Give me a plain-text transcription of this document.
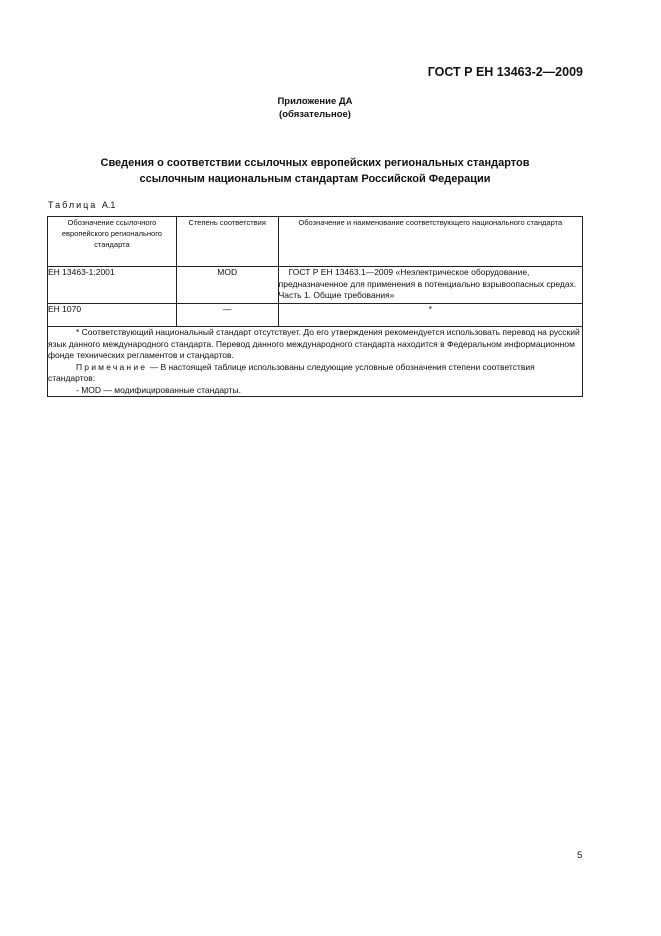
ГОСТ Р ЕН 13463-2—2009
Приложение ДА
(обязательное)
Сведения о соответствии ссылочных европейских региональных стандартов
ссылочным национальным стандартам Российской Федерации
Таблица А.1
Обозначение ссылочного европейского регионального стандарта	Степень соответствия	Обозначение и наименование соответствующего национального стандарта
ЕН 13463-1:2001	MOD	ГОСТ Р ЕН 13463.1—2009 «Неэлектрическое оборудование, предназначенное для применения в потенциально взрывоопасных средах. Часть 1. Общие требования»
ЕН 1070	—	*

* Соответствующий национальный стандарт отсутствует. До его утверждения рекомендуется использовать перевод на русский язык данного международного стандарта. Перевод данного международного стандарта находится в Федеральном информационном фонде технических регламентов и стандартов.

Примечание — В настоящей таблице использованы следующие условные обозначения степени соответствия стандартов:

- MOD — модифицированные стандарты.		

5
